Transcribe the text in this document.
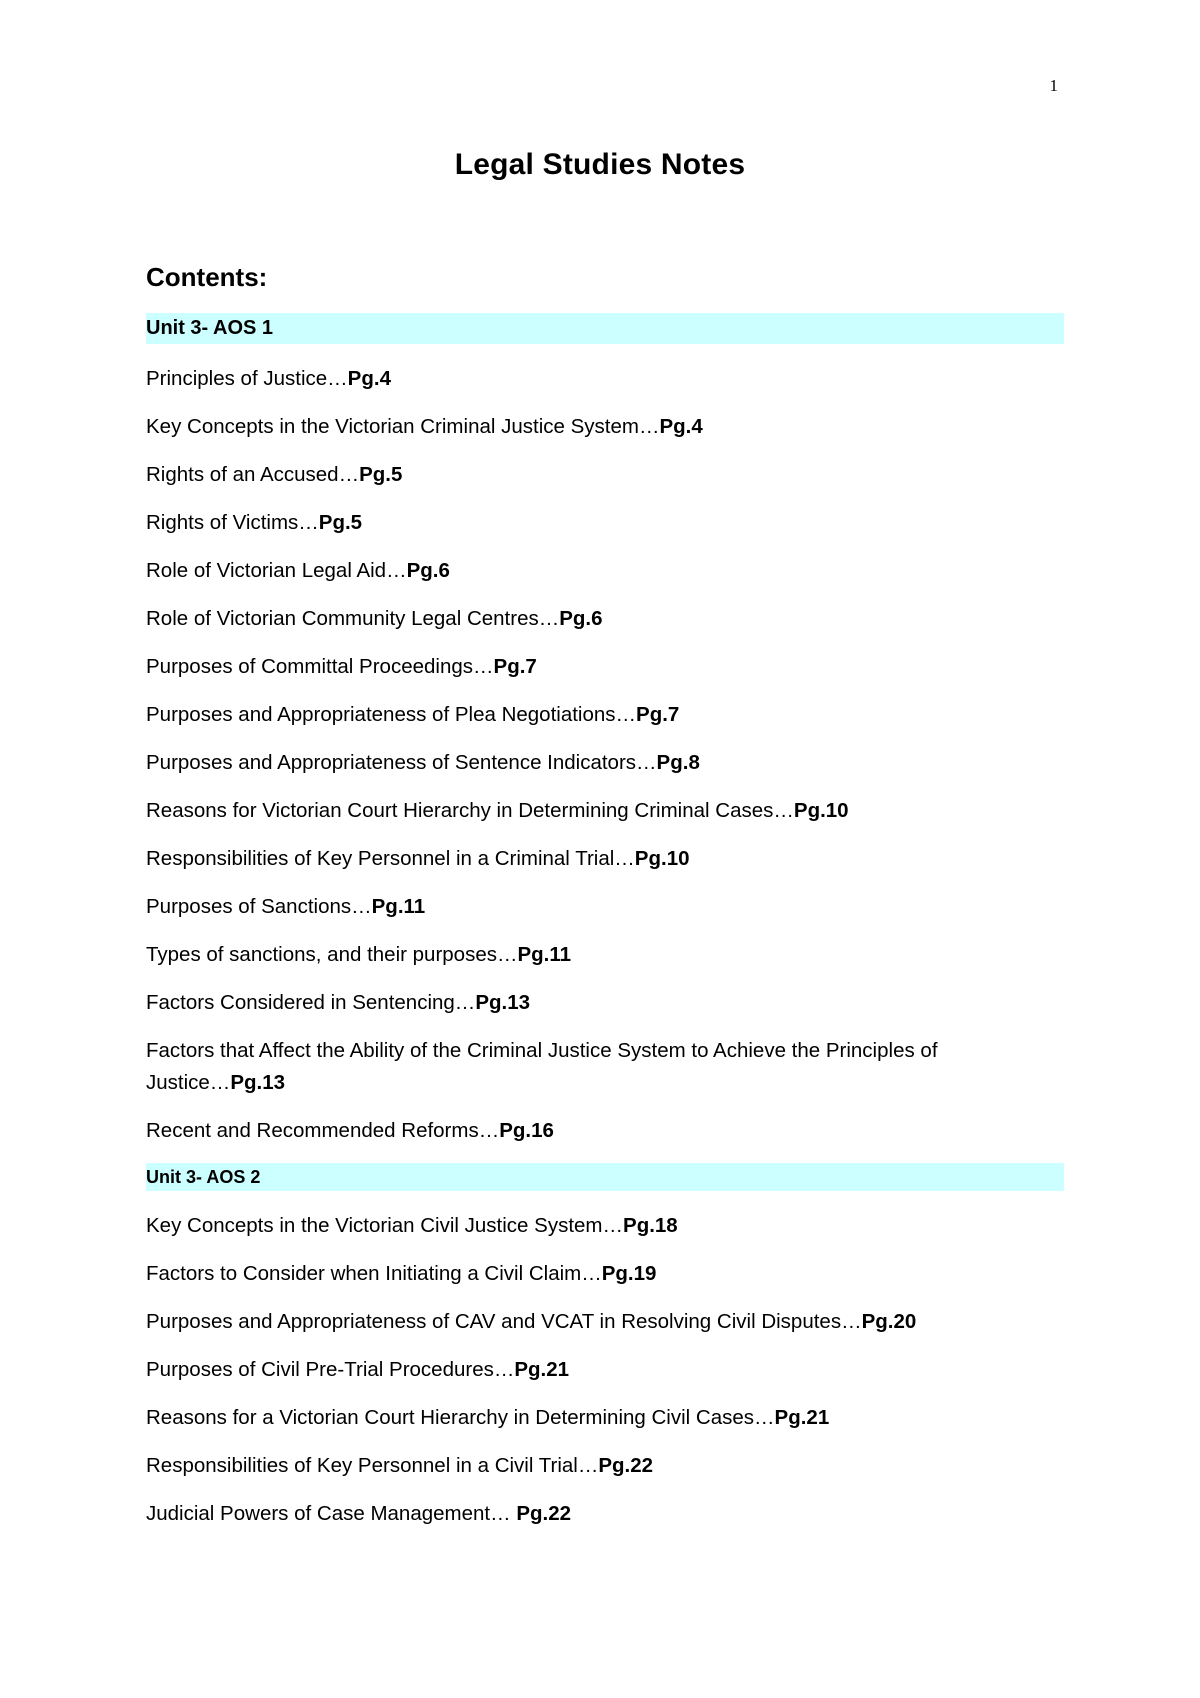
1
Legal Studies Notes
Contents:
Unit 3- AOS 1
Principles of Justice…Pg.4
Key Concepts in the Victorian Criminal Justice System…Pg.4
Rights of an Accused…Pg.5
Rights of Victims…Pg.5
Role of Victorian Legal Aid…Pg.6
Role of Victorian Community Legal Centres…Pg.6
Purposes of Committal Proceedings…Pg.7
Purposes and Appropriateness of Plea Negotiations…Pg.7
Purposes and Appropriateness of Sentence Indicators…Pg.8
Reasons for Victorian Court Hierarchy in Determining Criminal Cases…Pg.10
Responsibilities of Key Personnel in a Criminal Trial…Pg.10
Purposes of Sanctions…Pg.11
Types of sanctions, and their purposes…Pg.11
Factors Considered in Sentencing…Pg.13
Factors that Affect the Ability of the Criminal Justice System to Achieve the Principles of Justice…Pg.13
Recent and Recommended Reforms…Pg.16
Unit 3- AOS 2
Key Concepts in the Victorian Civil Justice System…Pg.18
Factors to Consider when Initiating a Civil Claim…Pg.19
Purposes and Appropriateness of CAV and VCAT in Resolving Civil Disputes…Pg.20
Purposes of Civil Pre-Trial Procedures…Pg.21
Reasons for a Victorian Court Hierarchy in Determining Civil Cases…Pg.21
Responsibilities of Key Personnel in a Civil Trial…Pg.22
Judicial Powers of Case Management… Pg.22
